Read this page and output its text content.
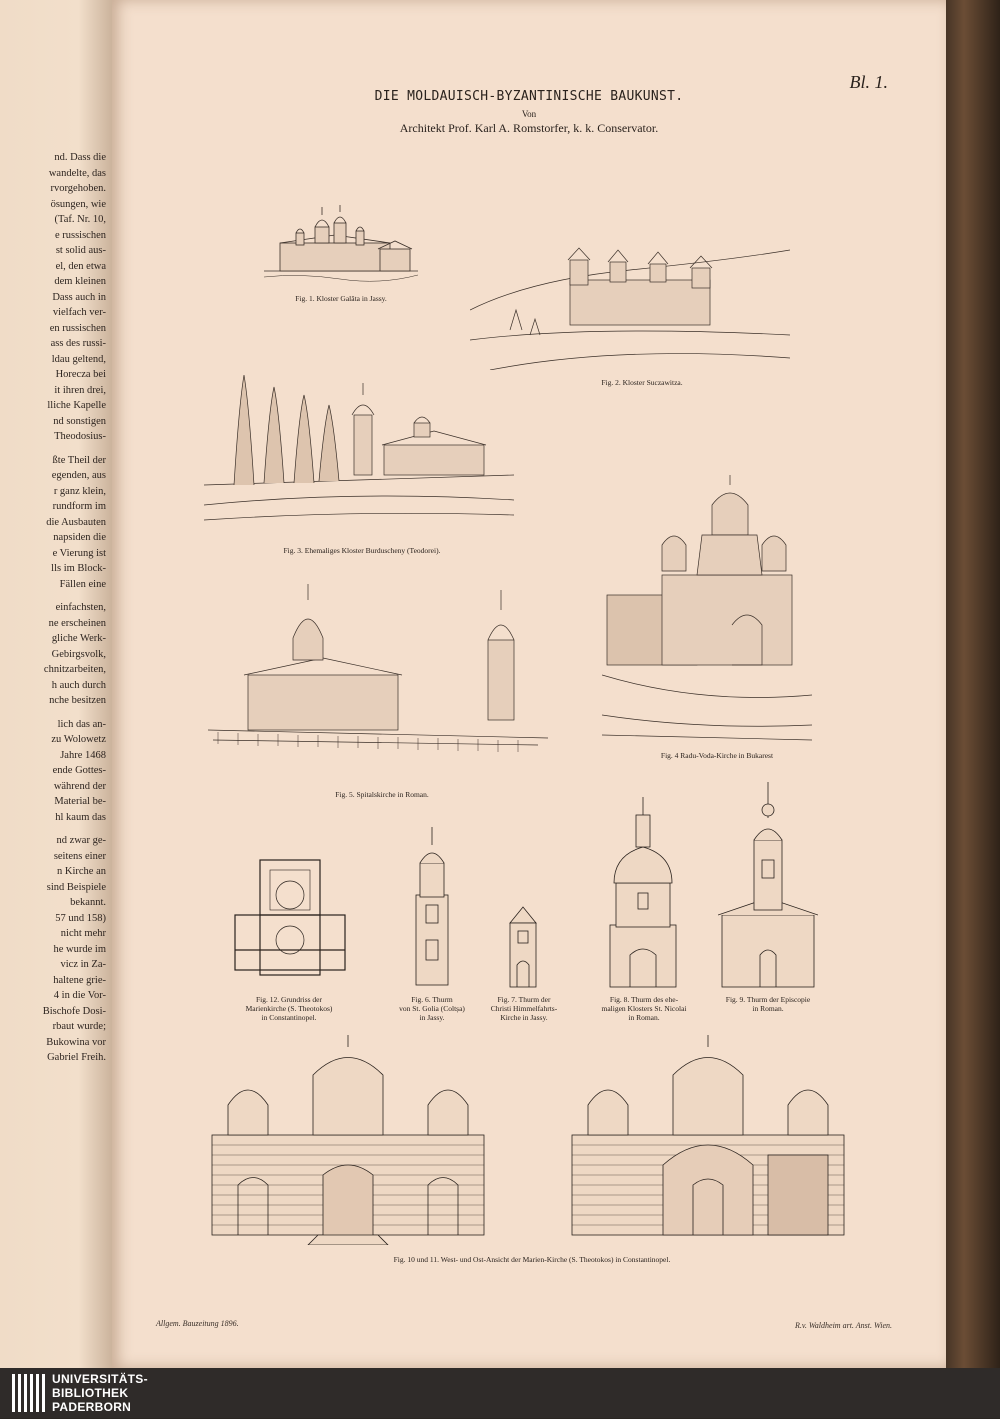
nd. Dass die
wandelte, das
rvorgehoben.
ösungen, wie
(Taf. Nr. 10,
e russischen
st solid aus-
el, den etwa
dem kleinen
Dass auch in
vielfach ver-
en russischen
ass des russi-
ldau geltend,
Horecza bei
it ihren drei,
lliche Kapelle
nd sonstigen
Theodosius-
ßte Theil der
egenden, aus
r ganz klein,
rundform im
die Ausbauten
napsiden die
e Vierung ist
lls im Block-
Fällen eine
einfachsten,
ne erscheinen
gliche Werk-
Gebirgsvolk,
chnitzarbeiten,
h auch durch
nche besitzen
lich das an-
zu Wolowetz
Jahre 1468
ende Gottes-
während der
Material be-
hl kaum das
nd zwar ge-
seitens einer
n Kirche an
sind Beispiele
bekannt.
57 und 158)
nicht mehr
he wurde im
vicz in Za-
haltene grie-
4 in die Vor-
Bischofe Dosi-
rbaut wurde;
Bukowina vor
Gabriel Freih.
DIE MOLDAUISCH-BYZANTINISCHE BAUKUNST.
Von
Architekt Prof. Karl A. Romstorfer, k. k. Conservator.
Bl. 1.
Fig. 1. Kloster Galâta in Jassy.
Fig. 2. Kloster Suczawitza.
Fig. 3. Ehemaliges Kloster Burduscheny (Teodorei).
Fig. 4 Radu-Voda-Kirche in Bukarest
Fig. 5. Spitalskirche in Roman.
Fig. 12. Grundriss der
Marienkirche (S. Theotokos)
in Constantinopel.
Fig. 6. Thurm
von St. Golia (Coltșa)
in Jassy.
Fig. 7. Thurm der
Christi Himmelfahrts-
Kirche in Jassy.
Fig. 8. Thurm des ehe-
maligen Klosters St. Nicolai
in Roman.
Fig. 9. Thurm der Episcopie
in Roman.
Fig. 10 und 11. West- und Ost-Ansicht der Marien-Kirche (S. Theotokos) in Constantinopel.
Allgem. Bauzeitung 1896.	R.v. Waldheim art. Anst. Wien.
UNIVERSITÄTS-
BIBLIOTHEK
PADERBORN
